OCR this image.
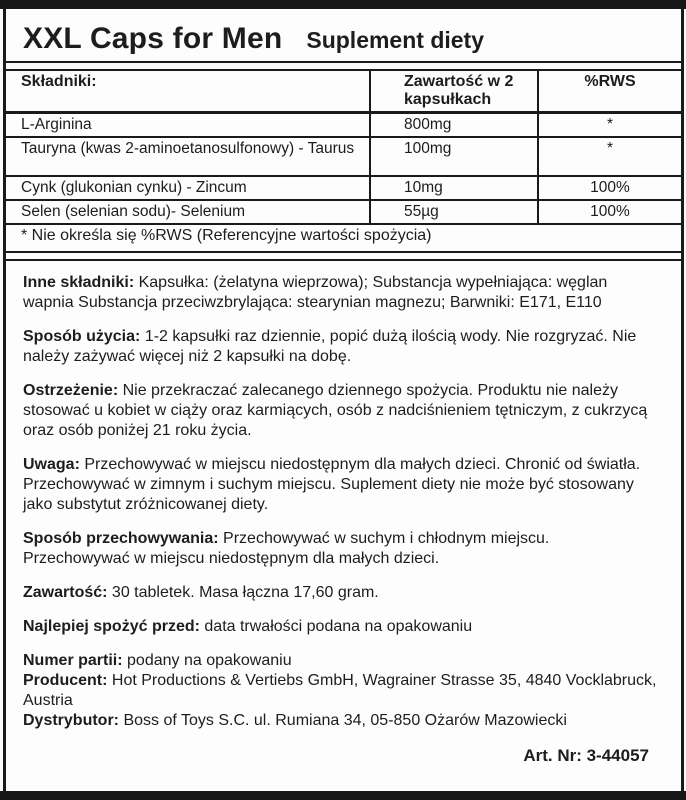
XXL Caps for Men Suplement diety
Składniki:	Zawartość w 2 kapsułkach	%RWS
L-Arginina	800mg	*
Tauryna (kwas 2-aminoetanosulfonowy) - Taurus	100mg	*
Cynk (glukonian cynku) - Zincum	10mg	100%
Selen (selenian sodu)- Selenium	55µg	100%
* Nie określa się %RWS (Referencyjne wartości spożycia)		

Inne składniki: Kapsułka: (żelatyna wieprzowa); Substancja wypełniająca: węglan wapnia Substancja przeciwzbrylająca: stearynian magnezu; Barwniki: E171, E110

Sposób użycia: 1-2 kapsułki raz dziennie, popić dużą ilością wody. Nie rozgryzać. Nie należy zażywać więcej niż 2 kapsułki na dobę.

Ostrzeżenie: Nie przekraczać zalecanego dziennego spożycia. Produktu nie należy stosować u kobiet w ciąży oraz karmiących, osób z nadciśnieniem tętniczym, z cukrzycą oraz osób poniżej 21 roku życia.

Uwaga: Przechowywać w miejscu niedostępnym dla małych dzieci. Chronić od światła. Przechowywać w zimnym i suchym miejscu. Suplement diety nie może być stosowany jako substytut zróżnicowanej diety.

Sposób przechowywania: Przechowywać w suchym i chłodnym miejscu. Przechowywać w miejscu niedostępnym dla małych dzieci.

Zawartość: 30 tabletek. Masa łączna 17,60 gram.

Najlepiej spożyć przed: data trwałości podana na opakowaniu

Numer partii: podany na opakowaniu

Producent: Hot Productions & Vertiebs GmbH, Wagrainer Strasse 35, 4840 Vocklabruck, Austria

Dystrybutor: Boss of Toys S.C. ul. Rumiana 34, 05-850 Ożarów Mazowiecki

Art. Nr: 3-44057
